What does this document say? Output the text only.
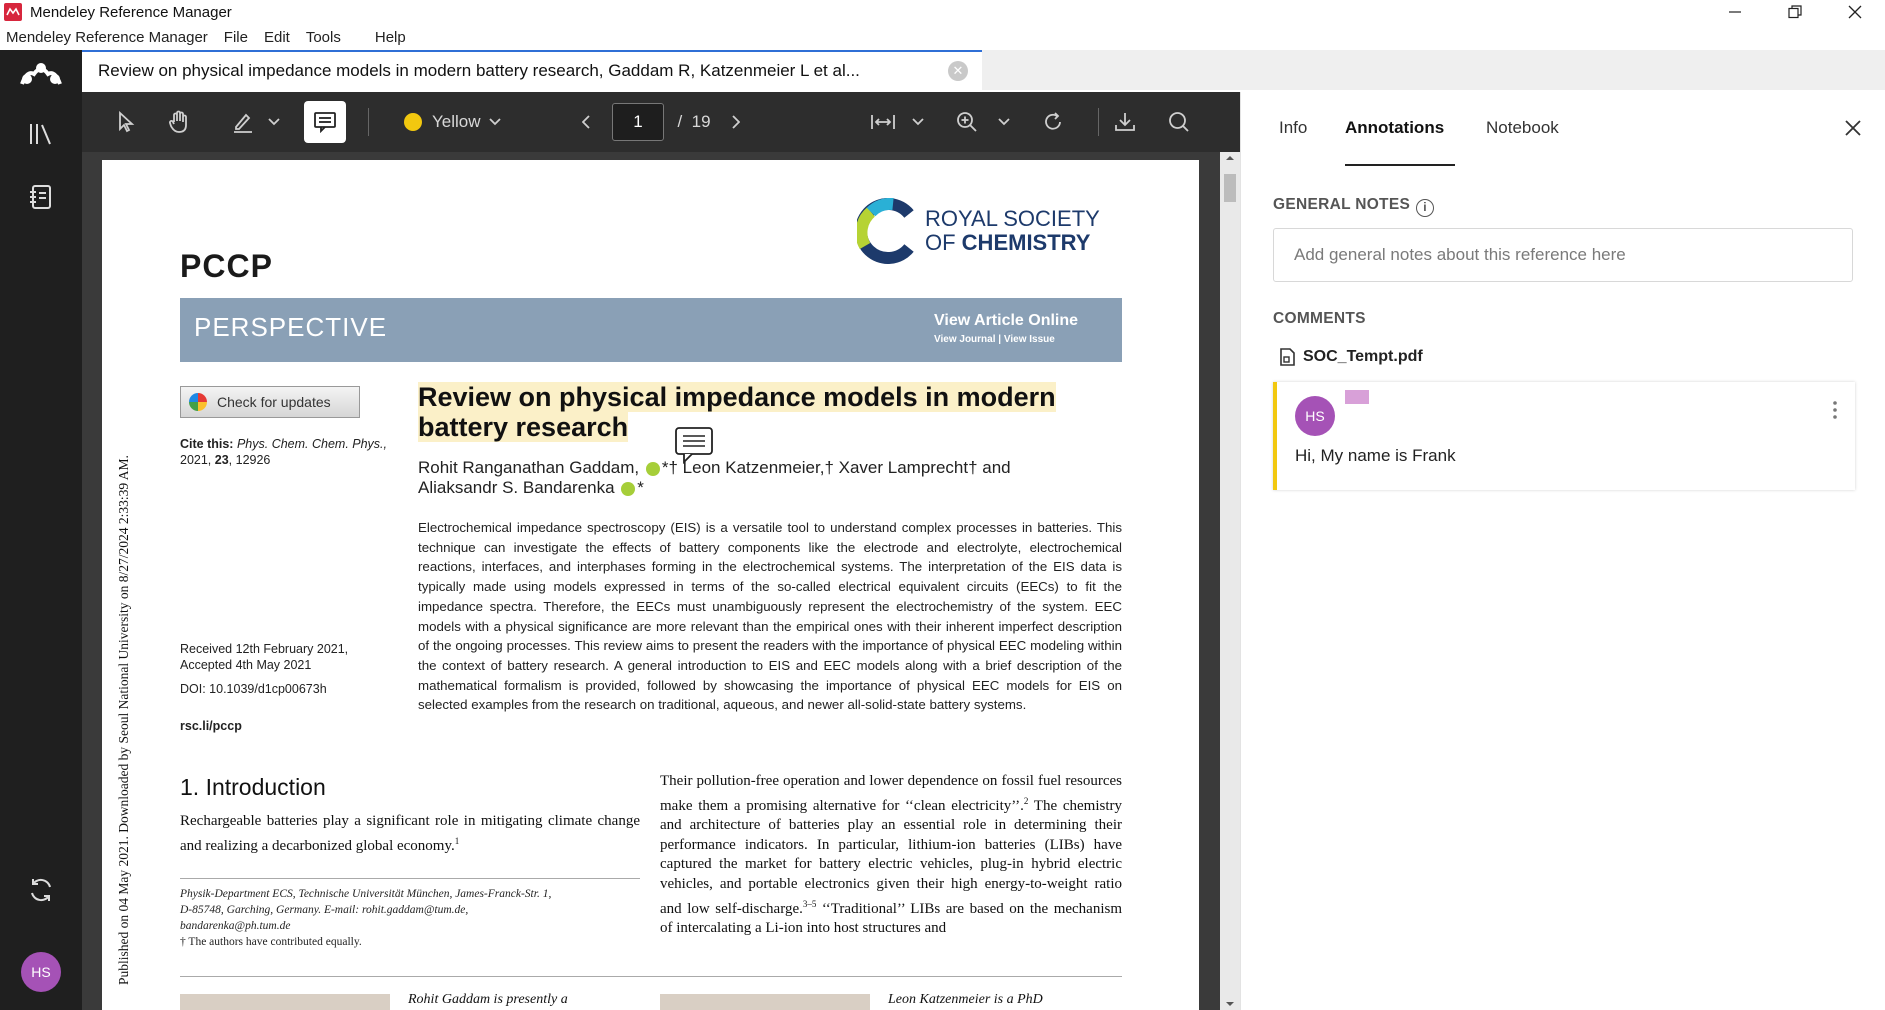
Mendeley Reference Manager
Mendeley Reference Manager File Edit Tools Help
HS
Review on physical impedance models in modern battery research, Gaddam R, Katzenmeier L et al...	✕
Yellow	1	/
19
Published on 04 May 2021. Downloaded by Seoul National University on 8/27/2024 2:33:39 AM.
PCCP
ROYAL SOCIETY
OF CHEMISTRY
PERSPECTIVE	View Article Online
View Journal | View Issue
Check for updates
Cite this: Phys. Chem. Chem. Phys.,
2021, 23, 12926
Received 12th February 2021,
Accepted 4th May 2021
DOI: 10.1039/d1cp00673h
rsc.li/pccp
Review on physical impedance models in modern
battery research
Rohit Ranganathan Gaddam, *† Leon Katzenmeier,† Xaver Lamprecht† and
Aliaksandr S. Bandarenka *
Electrochemical impedance spectroscopy (EIS) is a versatile tool to understand complex processes in batteries. This technique can investigate the effects of battery components like the electrode and electrolyte, electrochemical reactions, interfaces, and interphases forming in the electrochemical systems. The interpretation of the EIS data is typically made using models expressed in terms of the so-called electrical equivalent circuits (EECs) to fit the impedance spectra. Therefore, the EECs must unambiguously represent the electrochemistry of the system. EEC models with a physical significance are more relevant than the empirical ones with their inherent imperfect description of the ongoing processes. This review aims to present the readers with the importance of physical EEC modeling within the context of battery research. A general introduction to EIS and EEC models along with a brief description of the mathematical formalism is provided, followed by showcasing the importance of physical EEC models for EIS on selected examples from the research on traditional, aqueous, and newer all-solid-state battery systems.
1. Introduction
Rechargeable batteries play a significant role in mitigating climate change and realizing a decarbonized global economy.$^1$
Physik-Department ECS, Technische Universität München, James-Franck-Str. 1,
D-85748, Garching, Germany. E-mail: rohit.gaddam@tum.de,
bandarenka@ph.tum.de
† The authors have contributed equally.
Their pollution-free operation and lower dependence on fossil fuel resources make them a promising alternative for ‘‘clean electricity’’.$^2$ The chemistry and architecture of batteries play an essential role in determining their performance indicators. In particular, lithium-ion batteries (LIBs) have captured the market for battery electric vehicles, plug-in hybrid electric vehicles, and portable electronics given their high energy-to-weight ratio and low self-discharge.$^{3-5}$ ‘‘Traditional’’ LIBs are based on the mechanism of intercalating a Li-ion into host structures and
Rohit Gaddam is presently a	Leon Katzenmeier is a PhD
Info Annotations Notebook
GENERAL NOTES i
Add general notes about this reference here
COMMENTS
SOC_Tempt.pdf
HS
Hi, My name is Frank
